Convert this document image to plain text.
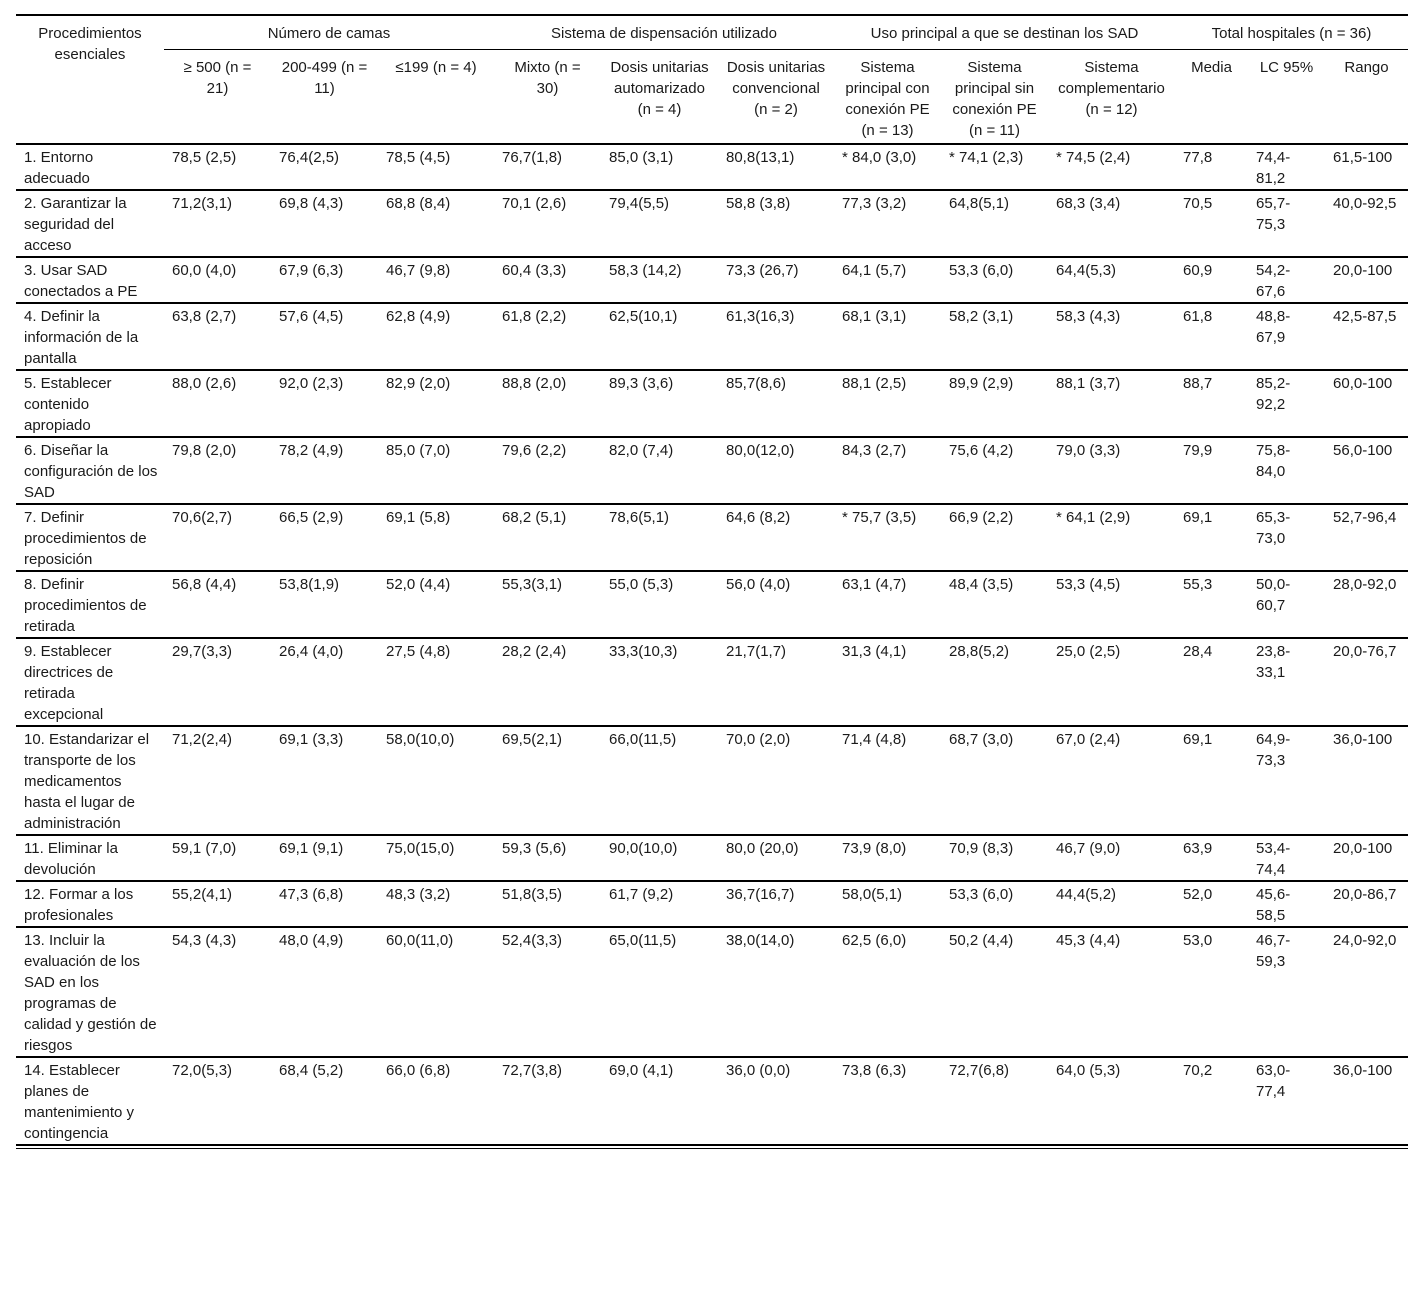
Procedimientos esenciales	Número de camas			Sistema de dispensación utilizado			Uso principal a que se destinan los SAD			Total hospitales (n = 36)		
	≥ 500 (n = 21)	200-499 (n = 11)	≤199 (n = 4)	Mixto (n = 30)	Dosis unitarias automarizado (n = 4)	Dosis unitarias convencional (n = 2)	Sistema principal con conexión PE (n = 13)	Sistema principal sin conexión PE (n = 11)	Sistema complementario (n = 12)	Media	LC 95%	Rango
1. Entorno adecuado	78,5 (2,5)	76,4(2,5)	78,5 (4,5)	76,7(1,8)	85,0 (3,1)	80,8(13,1)	* 84,0 (3,0)	* 74,1 (2,3)	* 74,5 (2,4)	77,8	74,4-81,2	61,5-100
2. Garantizar la seguridad del acceso	71,2(3,1)	69,8 (4,3)	68,8 (8,4)	70,1 (2,6)	79,4(5,5)	58,8 (3,8)	77,3 (3,2)	64,8(5,1)	68,3 (3,4)	70,5	65,7-75,3	40,0-92,5
3. Usar SAD conectados a PE	60,0 (4,0)	67,9 (6,3)	46,7 (9,8)	60,4 (3,3)	58,3 (14,2)	73,3 (26,7)	64,1 (5,7)	53,3 (6,0)	64,4(5,3)	60,9	54,2-67,6	20,0-100
4. Definir la información de la pantalla	63,8 (2,7)	57,6 (4,5)	62,8 (4,9)	61,8 (2,2)	62,5(10,1)	61,3(16,3)	68,1 (3,1)	58,2 (3,1)	58,3 (4,3)	61,8	48,8-67,9	42,5-87,5
5. Establecer contenido apropiado	88,0 (2,6)	92,0 (2,3)	82,9 (2,0)	88,8 (2,0)	89,3 (3,6)	85,7(8,6)	88,1 (2,5)	89,9 (2,9)	88,1 (3,7)	88,7	85,2-92,2	60,0-100
6. Diseñar la configuración de los SAD	79,8 (2,0)	78,2 (4,9)	85,0 (7,0)	79,6 (2,2)	82,0 (7,4)	80,0(12,0)	84,3 (2,7)	75,6 (4,2)	79,0 (3,3)	79,9	75,8-84,0	56,0-100
7. Definir procedimientos de reposición	70,6(2,7)	66,5 (2,9)	69,1 (5,8)	68,2 (5,1)	78,6(5,1)	64,6 (8,2)	* 75,7 (3,5)	66,9 (2,2)	* 64,1 (2,9)	69,1	65,3-73,0	52,7-96,4
8. Definir procedimientos de retirada	56,8 (4,4)	53,8(1,9)	52,0 (4,4)	55,3(3,1)	55,0 (5,3)	56,0 (4,0)	63,1 (4,7)	48,4 (3,5)	53,3 (4,5)	55,3	50,0-60,7	28,0-92,0
9. Establecer directrices de retirada excepcional	29,7(3,3)	26,4 (4,0)	27,5 (4,8)	28,2 (2,4)	33,3(10,3)	21,7(1,7)	31,3 (4,1)	28,8(5,2)	25,0 (2,5)	28,4	23,8-33,1	20,0-76,7
10. Estandarizar el transporte de los medicamentos hasta el lugar de administración	71,2(2,4)	69,1 (3,3)	58,0(10,0)	69,5(2,1)	66,0(11,5)	70,0 (2,0)	71,4 (4,8)	68,7 (3,0)	67,0 (2,4)	69,1	64,9-73,3	36,0-100
11. Eliminar la devolución	59,1 (7,0)	69,1 (9,1)	75,0(15,0)	59,3 (5,6)	90,0(10,0)	80,0 (20,0)	73,9 (8,0)	70,9 (8,3)	46,7 (9,0)	63,9	53,4-74,4	20,0-100
12. Formar a los profesionales	55,2(4,1)	47,3 (6,8)	48,3 (3,2)	51,8(3,5)	61,7 (9,2)	36,7(16,7)	58,0(5,1)	53,3 (6,0)	44,4(5,2)	52,0	45,6-58,5	20,0-86,7
13. Incluir la evaluación de los SAD en los programas de calidad y gestión de riesgos	54,3 (4,3)	48,0 (4,9)	60,0(11,0)	52,4(3,3)	65,0(11,5)	38,0(14,0)	62,5 (6,0)	50,2 (4,4)	45,3 (4,4)	53,0	46,7-59,3	24,0-92,0
14. Establecer planes de mantenimiento y contingencia	72,0(5,3)	68,4 (5,2)	66,0 (6,8)	72,7(3,8)	69,0 (4,1)	36,0 (0,0)	73,8 (6,3)	72,7(6,8)	64,0 (5,3)	70,2	63,0-77,4	36,0-100
